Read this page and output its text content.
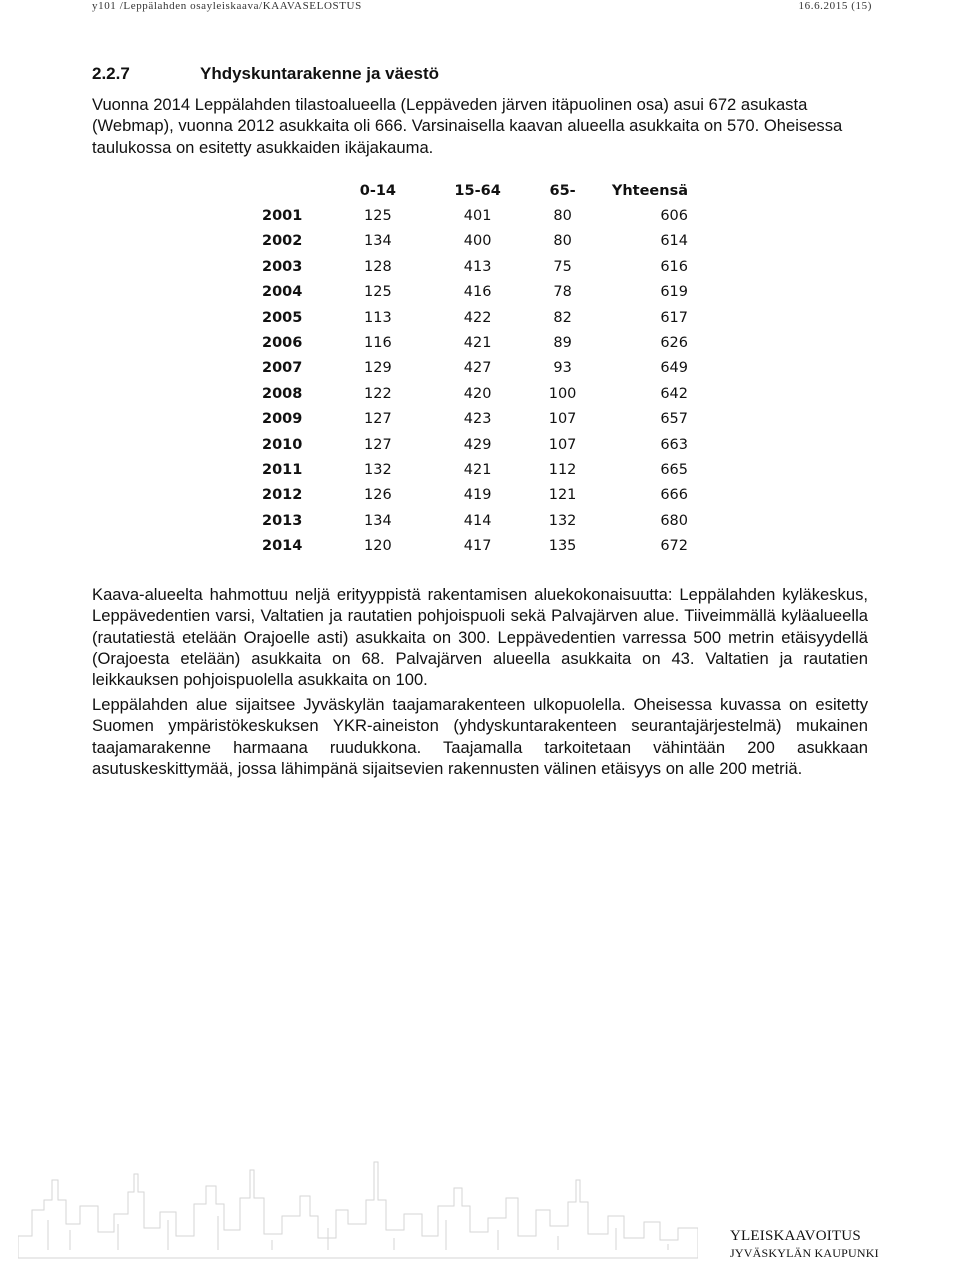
y101 /Leppälahden osayleiskaava/KAAVASELOSTUS	16.6.2015 (15)
2.2.7	Yhdyskuntarakenne ja väestö

Vuonna 2014 Leppälahden tilastoalueella (Leppäveden järven itäpuolinen osa) asui 672 asukasta (Webmap), vuonna 2012 asukkaita oli 666. Varsinaisella kaavan alueella asukkaita on 570. Oheisessa taulukossa on esitetty asukkaiden ikäjakauma.

	0-14	15-64	65-	Yhteensä
2001	125	401	80	606
2002	134	400	80	614
2003	128	413	75	616
2004	125	416	78	619
2005	113	422	82	617
2006	116	421	89	626
2007	129	427	93	649
2008	122	420	100	642
2009	127	423	107	657
2010	127	429	107	663
2011	132	421	112	665
2012	126	419	121	666
2013	134	414	132	680
2014	120	417	135	672

Kaava-alueelta hahmottuu neljä erityyppistä rakentamisen aluekokonaisuutta: Leppälahden kyläkeskus, Leppävedentien varsi, Valtatien ja rautatien pohjoispuoli sekä Palvajärven alue. Tiiveimmällä kyläalueella (rautatiestä etelään Orajoelle asti) asukkaita on 300. Leppävedentien varressa 500 metrin etäisyydellä (Orajoesta etelään) asukkaita on 68. Palvajärven alueella asukkaita on 43. Valtatien ja rautatien leikkauksen pohjoispuolella asukkaita on 100.

Leppälahden alue sijaitsee Jyväskylän taajamarakenteen ulkopuolella. Oheisessa kuvassa on esitetty Suomen ympäristökeskuksen YKR-aineiston (yhdyskuntarakenteen seurantajärjestelmä) mukainen taajamarakenne harmaana ruudukkona. Taajamalla tarkoitetaan vähintään 200 asukkaan asutuskeskittymää, jossa lähimpänä sijaitsevien rakennusten välinen etäisyys on alle 200 metriä.

YLEISKAAVOITUS
JYVÄSKYLÄN KAUPUNKI
